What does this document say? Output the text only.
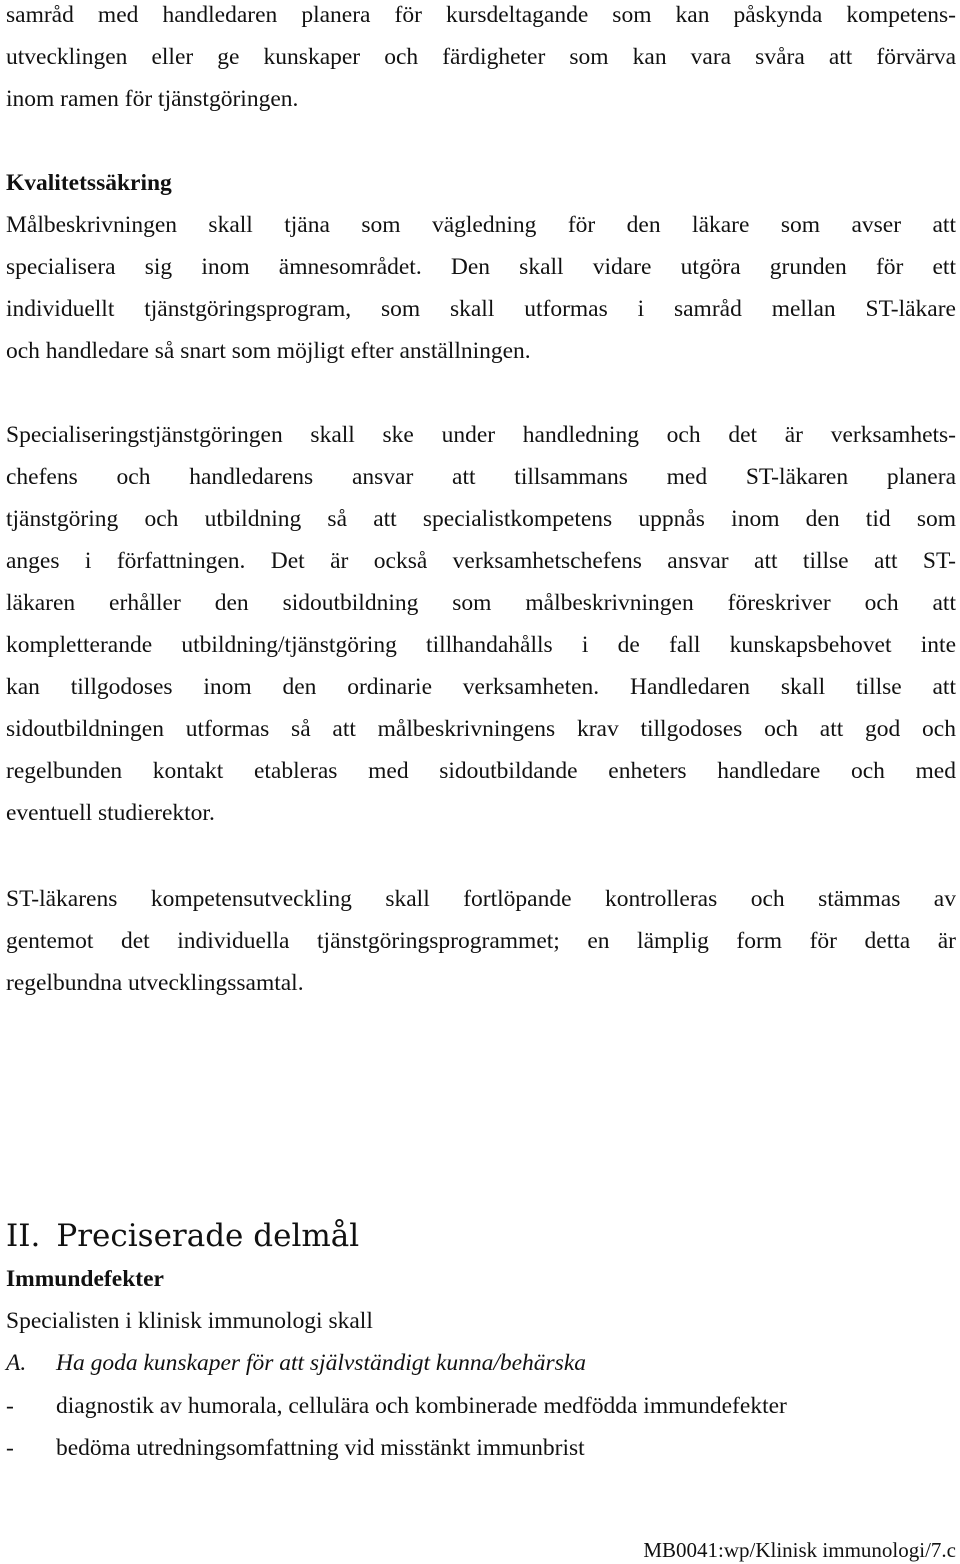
samråd med handledaren planera för kursdeltagande som kan påskynda kompetens-
utvecklingen eller ge kunskaper och färdigheter som kan vara svåra att förvärva
inom ramen för tjänstgöringen.
Kvalitetssäkring
Målbeskrivningen skall tjäna som vägledning för den läkare som avser att
specialisera sig inom ämnesområdet. Den skall vidare utgöra grunden för ett
individuellt tjänstgöringsprogram, som skall utformas i samråd mellan ST-läkare
och handledare så snart som möjligt efter anställningen.
Specialiseringstjänstgöringen skall ske under handledning och det är verksamhets-
chefens och handledarens ansvar att tillsammans med ST-läkaren planera
tjänstgöring och utbildning så att specialistkompetens uppnås inom den tid som
anges i författningen. Det är också verksamhetschefens ansvar att tillse att ST-
läkaren erhåller den sidoutbildning som målbeskrivningen föreskriver och att
kompletterande utbildning/tjänstgöring tillhandahålls i de fall kunskapsbehovet inte
kan tillgodoses inom den ordinarie verksamheten. Handledaren skall tillse att
sidoutbildningen utformas så att målbeskrivningens krav tillgodoses och att god och
regelbunden kontakt etableras med sidoutbildande enheters handledare och med
eventuell studierektor.
ST-läkarens kompetensutveckling skall fortlöpande kontrolleras och stämmas av
gentemot det individuella tjänstgöringsprogrammet; en lämplig form för detta är
regelbundna utvecklingssamtal.
II. Preciserade delmål
Immundefekter
Specialisten i klinisk immunologi skall
A. Ha goda kunskaper för att självständigt kunna/behärska
- diagnostik av humorala, cellulära och kombinerade medfödda immundefekter
- bedöma utredningsomfattning vid misstänkt immunbrist
MB0041:wp/Klinisk immunologi/7.c
